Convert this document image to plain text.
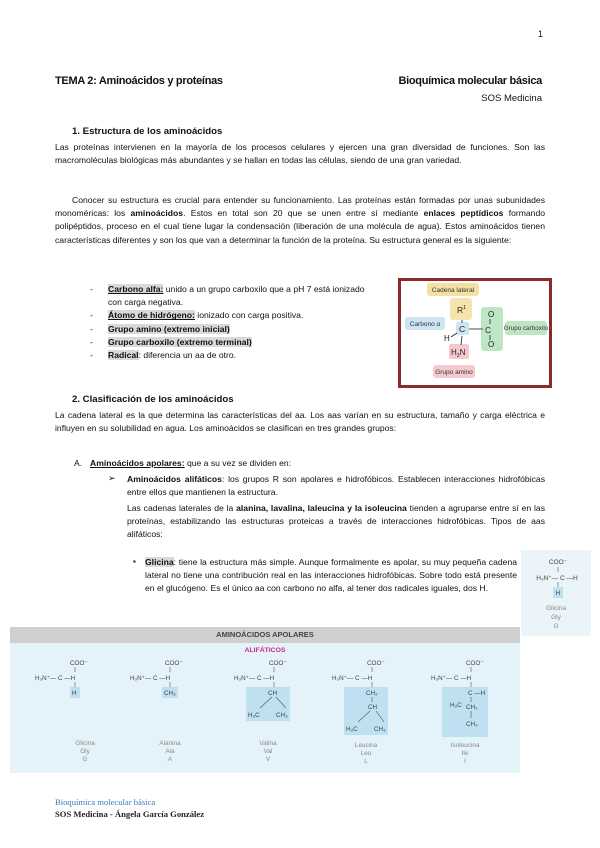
1
TEMA 2: Aminoácidos y proteínas	Bioquímica molecular básica
SOS Medicina
1. Estructura de los aminoácidos

Las proteínas intervienen en la mayoría de los procesos celulares y ejercen una gran diversidad de funciones. Son las macromoléculas biológicas más abundantes y se hallan en todas las células, siendo de una gran variedad.

Conocer su estructura es crucial para entender su funcionamiento. Las proteínas están formadas por unas subunidades monoméricas: los aminoácidos. Estos en total son 20 que se unen entre sí mediante enlaces peptídicos formando polipéptidos, proceso en el cual tiene lugar la condensación (liberación de una molécula de agua). Estos aminoácidos tienen características diferentes y son los que van a determinar la función de la proteína. Su estructura general es la siguiente:

-	Carbono alfa: unido a un grupo carboxilo que a pH 7 está ionizado con carga negativa.
-	Átomo de hidrógeno: ionizado con carga positiva.
-	Grupo amino (extremo inicial)
-	Grupo carboxilo (extremo terminal)
-	Radical: diferencia un aa de otro.
Cadena lateral
$R^1$
Carbono α C
H
O
C
O
Grupo carboxilo
$H_3N$
Grupo amino
2. Clasificación de los aminoácidos

La cadena lateral es la que determina las características del aa. Los aas varían en su estructura, tamaño y carga eléctrica e influyen en su solubilidad en agua. Los aminoácidos se clasifican en tres grandes grupos:

A. Aminoácidos apolares: que a su vez se dividen en:
➢ Aminoácidos alifáticos: los grupos R son apolares e hidrofóbicos. Establecen interacciones hidrofóbicas entre ellos que mantienen la estructura.

Las cadenas laterales de la alanina, lavalina, laleucina y la isoleucina tienden a agruparse entre sí en las proteínas, estabilizando las estructuras proteicas a través de interacciones hidrofóbicas. Tipos de aas alifáticos:

▪ Glicina: tiene la estructura más simple. Aunque formalmente es apolar, su muy pequeña cadena lateral no tiene una contribución real en las interacciones hidrofóbicas. Sobre todo está presente en el glucógeno. Es el único aa con carbono no alfa, al tener dos radicales iguales, dos H.

COO⁻
H₃N⁺— C —H
H
Glicina
Gly
G
AMINOÁCIDOS APOLARES
ALIFÁTICOS
COO⁻
H₃N⁺— C —H
H
COO⁻
H₃N⁺— C —H
CH₃
COO⁻
H₃N⁺— C —H
CH
H₃C	CH₃
COO⁻
H₃N⁺— C —H
CH₂
CH
H₃C	CH₃
COO⁻
H₃N⁺— C —H
H₃C
C —H
CH₂
CH₃
Glicina
Gly
G
Alanina
Ala
A
Valina
Val
V
Leucina
Leu
L
Isoleucina
Ile
I
Bioquímica molecular básica
SOS Medicina - Ángela García González
